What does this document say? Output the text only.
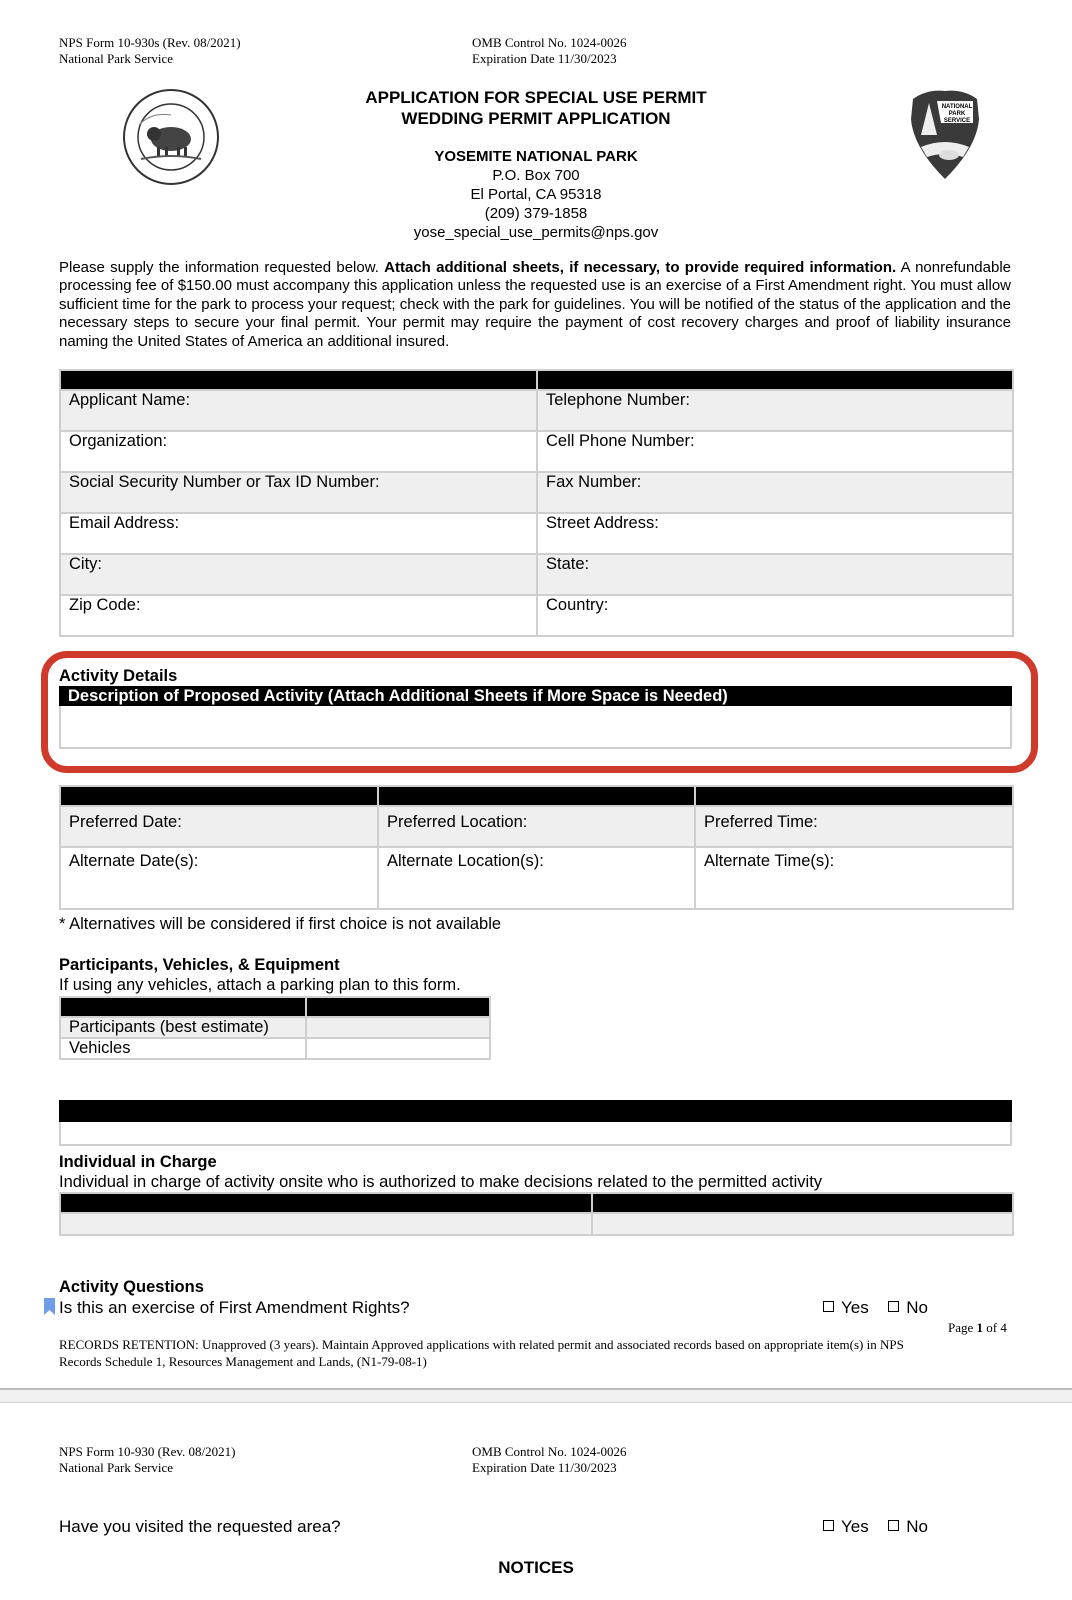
NPS Form 10-930s (Rev. 08/2021)
National Park Service
OMB Control No. 1024-0026
Expiration Date 11/30/2023
NATIONAL
PARK
SERVICE
APPLICATION FOR SPECIAL USE PERMIT
WEDDING PERMIT APPLICATION
YOSEMITE NATIONAL PARK
P.O. Box 700
El Portal, CA 95318
(209) 379-1858
yose_special_use_permits@nps.gov
Please supply the information requested below. Attach additional sheets, if necessary, to provide required information. A nonrefundable processing fee of $150.00 must accompany this application unless the requested use is an exercise of a First Amendment right. You must allow sufficient time for the park to process your request; check with the park for guidelines. You will be notified of the status of the application and the necessary steps to secure your final permit. Your permit may require the payment of cost recovery charges and proof of liability insurance naming the United States of America an additional insured.

Applicant Name:	Telephone Number:
Organization:	Cell Phone Number:
Social Security Number or Tax ID Number:	Fax Number:
Email Address:	Street Address:
City:	State:
Zip Code:	Country:
Activity Details
Description of Proposed Activity (Attach Additional Sheets if More Space is Needed)

Preferred Date:	Preferred Location:	Preferred Time:
Alternate Date(s):	Alternate Location(s):	Alternate Time(s):
* Alternatives will be considered if first choice is not available
Participants, Vehicles, & Equipment
If using any vehicles, attach a parking plan to this form.

Participants (best estimate)	
Vehicles	
Individual in Charge
Individual in charge of activity onsite who is authorized to make decisions related to the permitted activity

Activity Questions
Is this an exercise of First Amendment Rights?	Yes No
Page 1 of 4
RECORDS RETENTION: Unapproved (3 years). Maintain Approved applications with related permit and associated records based on appropriate item(s) in NPS
Records Schedule 1, Resources Management and Lands, (N1-79-08-1)
NPS Form 10-930 (Rev. 08/2021)
National Park Service
OMB Control No. 1024-0026
Expiration Date 11/30/2023
Have you visited the requested area?	Yes No
NOTICES
